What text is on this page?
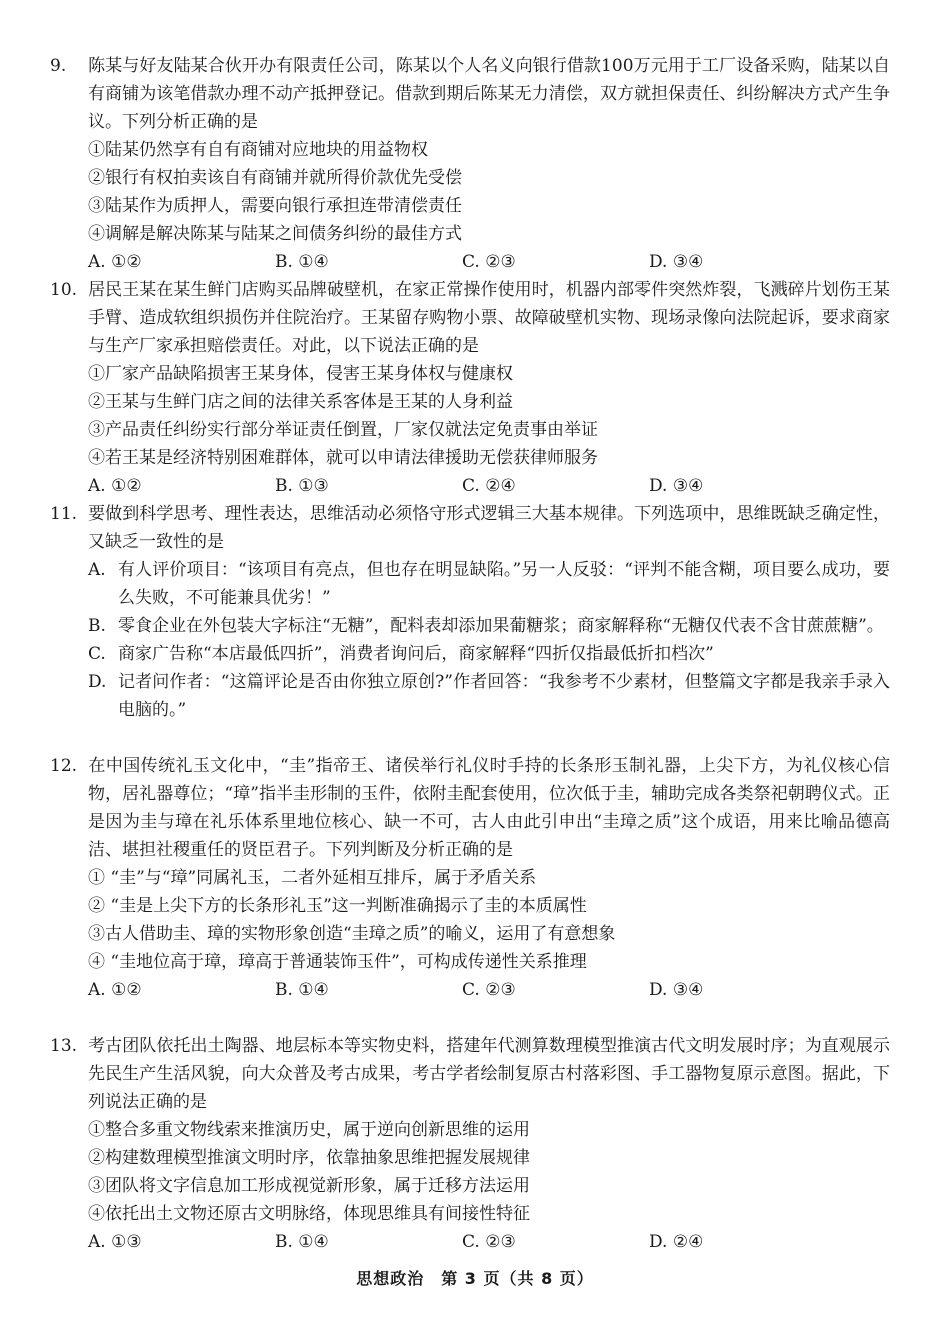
9. 陈某与好友陆某合伙开办有限责任公司，陈某以个人名义向银行借款100万元用于工厂设备采购，陆某以自有商铺为该笔借款办理不动产抵押登记。借款到期后陈某无力清偿，双方就担保责任、纠纷解决方式产生争议。下列分析正确的是
①陆某仍然享有自有商铺对应地块的用益物权
②银行有权拍卖该自有商铺并就所得价款优先受偿
③陆某作为质押人，需要向银行承担连带清偿责任
④调解是解决陈某与陆某之间债务纠纷的最佳方式
A. ①②	B. ①④	C. ②③	D. ③④
10. 居民王某在某生鲜门店购买品牌破壁机，在家正常操作使用时，机器内部零件突然炸裂，飞溅碎片划伤王某手臂、造成软组织损伤并住院治疗。王某留存购物小票、故障破壁机实物、现场录像向法院起诉，要求商家与生产厂家承担赔偿责任。对此，以下说法正确的是
①厂家产品缺陷损害王某身体，侵害王某身体权与健康权
②王某与生鲜门店之间的法律关系客体是王某的人身利益
③产品责任纠纷实行部分举证责任倒置，厂家仅就法定免责事由举证
④若王某是经济特别困难群体，就可以申请法律援助无偿获律师服务
A. ①②	B. ①③	C. ②④	D. ③④
11. 要做到科学思考、理性表达，思维活动必须恪守形式逻辑三大基本规律。下列选项中，思维既缺乏确定性，又缺乏一致性的是
A. 有人评价项目：“该项目有亮点，但也存在明显缺陷。”另一人反驳：“评判不能含糊，项目要么成功，要么失败，不可能兼具优劣！”
B. 零食企业在外包装大字标注“无糖”，配料表却添加果葡糖浆；商家解释称“无糖仅代表不含甘蔗蔗糖”。
C. 商家广告称“本店最低四折”，消费者询问后，商家解释“四折仅指最低折扣档次”
D. 记者问作者：“这篇评论是否由你独立原创?”作者回答：“我参考不少素材，但整篇文字都是我亲手录入电脑的。”
12. 在中国传统礼玉文化中，“圭”指帝王、诸侯举行礼仪时手持的长条形玉制礼器，上尖下方，为礼仪核心信物，居礼器尊位；“璋”指半圭形制的玉件，依附圭配套使用，位次低于圭，辅助完成各类祭祀朝聘仪式。正是因为圭与璋在礼乐体系里地位核心、缺一不可，古人由此引申出“圭璋之质”这个成语，用来比喻品德高洁、堪担社稷重任的贤臣君子。下列判断及分析正确的是
① “圭”与“璋”同属礼玉，二者外延相互排斥，属于矛盾关系
② “圭是上尖下方的长条形礼玉”这一判断准确揭示了圭的本质属性
③古人借助圭、璋的实物形象创造“圭璋之质”的喻义，运用了有意想象
④ “圭地位高于璋，璋高于普通装饰玉件”，可构成传递性关系推理
A. ①②	B. ①④	C. ②③	D. ③④
13. 考古团队依托出土陶器、地层标本等实物史料，搭建年代测算数理模型推演古代文明发展时序；为直观展示先民生产生活风貌，向大众普及考古成果，考古学者绘制复原古村落彩图、手工器物复原示意图。据此，下列说法正确的是
①整合多重文物线索来推演历史，属于逆向创新思维的运用
②构建数理模型推演文明时序，依靠抽象思维把握发展规律
③团队将文字信息加工形成视觉新形象，属于迁移方法运用
④依托出土文物还原古文明脉络，体现思维具有间接性特征
A. ①③	B. ①④	C. ②③	D. ②④
思想政治　第 3 页（共 8 页）
